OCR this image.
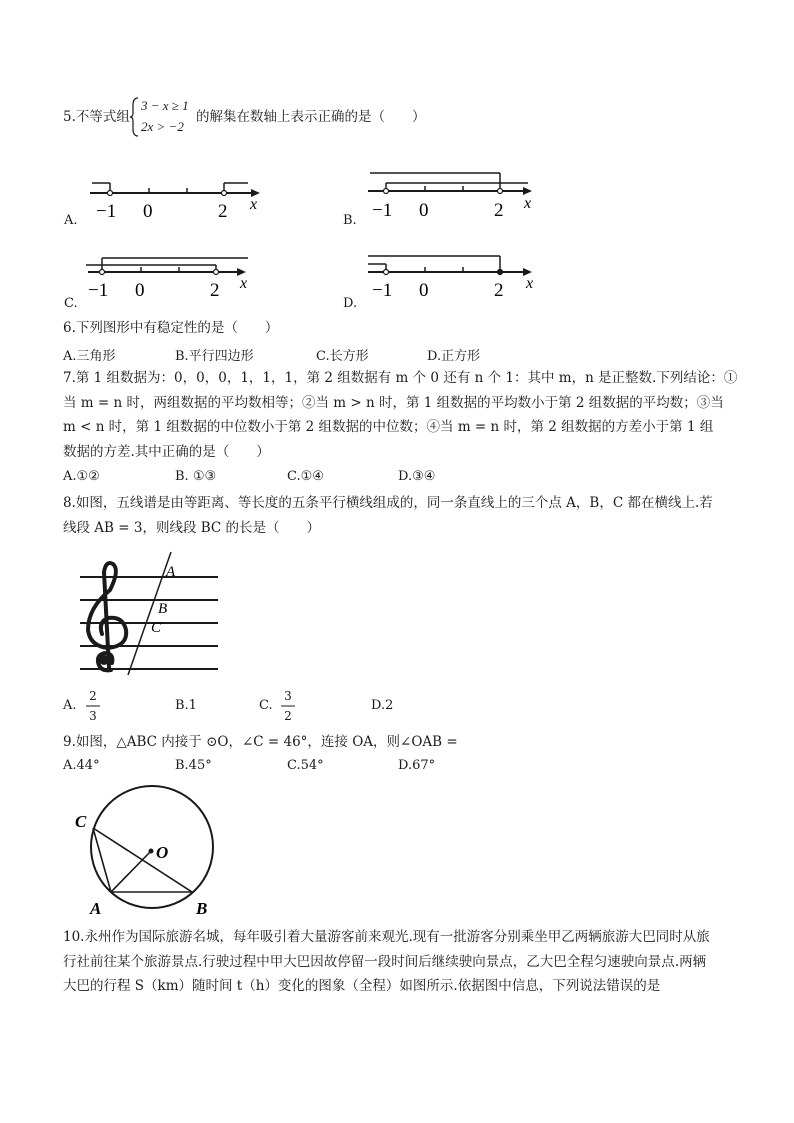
5.不等式组
3 − x ≥ 1
2x > −2
的解集在数轴上表示正确的是（　　）
A. −1 0	2 x
B. −1 0	2 x
C.
−1 0	2 x
D.
−1 0	2 x
6.下列图形中有稳定性的是（　　）
A.三角形	B.平行四边形	C.长方形	D.正方形
7.第 1 组数据为：0，0，0，1，1，1，第 2 组数据有 m 个 0 还有 n 个 1：其中 m，n 是正整数.下列结论：①
当 m = n 时，两组数据的平均数相等；②当 m > n 时，第 1 组数据的平均数小于第 2 组数据的平均数；③当
m < n 时，第 1 组数据的中位数小于第 2 组数据的中位数；④当 m = n 时，第 2 组数据的方差小于第 1 组
数据的方差.其中正确的是（　　）
A.①②	B. ①③	C.①④	D.③④
8.如图，五线谱是由等距离、等长度的五条平行横线组成的，同一条直线上的三个点 A，B，C 都在横线上.若
线段 AB = 3，则线段 BC 的长是（　　）
A
B
C
A.
2
3
B.1	C.
3
2
D.2
9.如图，△ABC 内接于 ⊙O，∠C = 46°，连接 OA，则∠OAB =
A.44°	B.45°	C.54°	D.67°
C
O
A	B
10.永州作为国际旅游名城，每年吸引着大量游客前来观光.现有一批游客分别乘坐甲乙两辆旅游大巴同时从旅
行社前往某个旅游景点.行驶过程中甲大巴因故停留一段时间后继续驶向景点，乙大巴全程匀速驶向景点.两辆
大巴的行程 S（km）随时间 t（h）变化的图象（全程）如图所示.依据图中信息，下列说法错误的是
